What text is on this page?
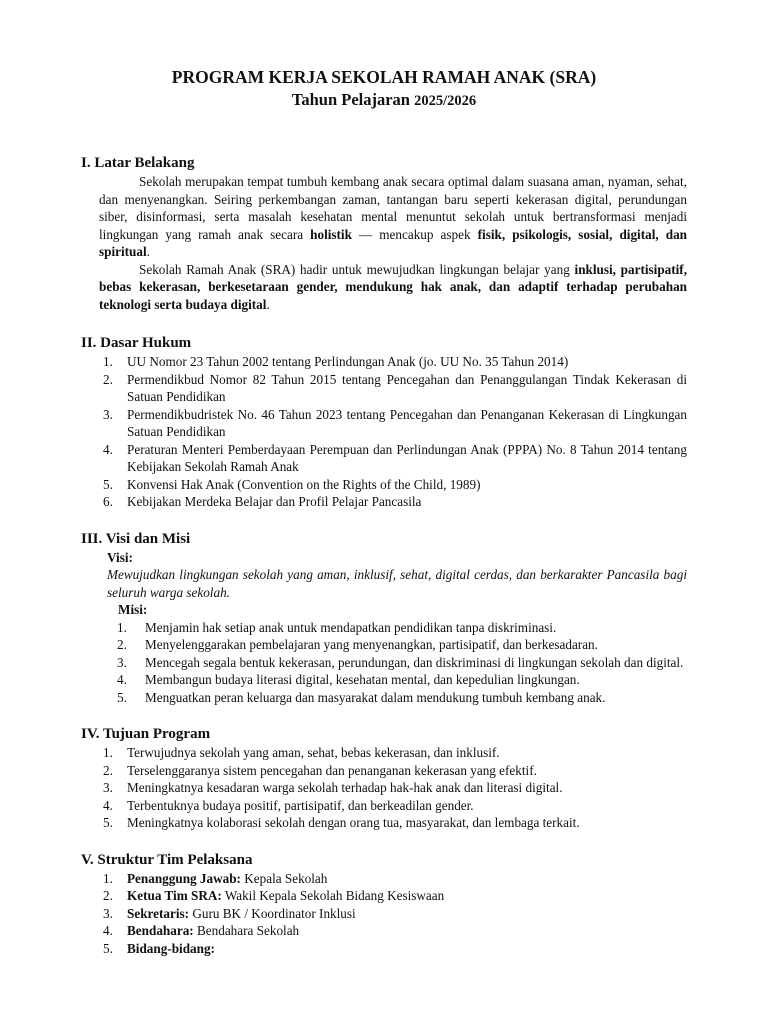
PROGRAM KERJA SEKOLAH RAMAH ANAK (SRA)

Tahun Pelajaran 2025/2026

I. Latar Belakang

Sekolah merupakan tempat tumbuh kembang anak secara optimal dalam suasana aman, nyaman, sehat, dan menyenangkan. Seiring perkembangan zaman, tantangan baru seperti kekerasan digital, perundungan siber, disinformasi, serta masalah kesehatan mental menuntut sekolah untuk bertransformasi menjadi lingkungan yang ramah anak secara holistik — mencakup aspek fisik, psikologis, sosial, digital, dan spiritual.

Sekolah Ramah Anak (SRA) hadir untuk mewujudkan lingkungan belajar yang inklusi, partisipatif, bebas kekerasan, berkesetaraan gender, mendukung hak anak, dan adaptif terhadap perubahan teknologi serta budaya digital.

II. Dasar Hukum
1. UU Nomor 23 Tahun 2002 tentang Perlindungan Anak (jo. UU No. 35 Tahun 2014)
2. Permendikbud Nomor 82 Tahun 2015 tentang Pencegahan dan Penanggulangan Tindak Kekerasan di Satuan Pendidikan
3. Permendikbudristek No. 46 Tahun 2023 tentang Pencegahan dan Penanganan Kekerasan di Lingkungan Satuan Pendidikan
4. Peraturan Menteri Pemberdayaan Perempuan dan Perlindungan Anak (PPPA) No. 8 Tahun 2014 tentang Kebijakan Sekolah Ramah Anak
5. Konvensi Hak Anak (Convention on the Rights of the Child, 1989)
6. Kebijakan Merdeka Belajar dan Profil Pelajar Pancasila
III. Visi dan Misi

Visi:

Mewujudkan lingkungan sekolah yang aman, inklusif, sehat, digital cerdas, dan berkarakter Pancasila bagi seluruh warga sekolah.

Misi:

1. Menjamin hak setiap anak untuk mendapatkan pendidikan tanpa diskriminasi.
2. Menyelenggarakan pembelajaran yang menyenangkan, partisipatif, dan berkesadaran.
3. Mencegah segala bentuk kekerasan, perundungan, dan diskriminasi di lingkungan sekolah dan digital.
4. Membangun budaya literasi digital, kesehatan mental, dan kepedulian lingkungan.
5. Menguatkan peran keluarga dan masyarakat dalam mendukung tumbuh kembang anak.
IV. Tujuan Program
1. Terwujudnya sekolah yang aman, sehat, bebas kekerasan, dan inklusif.
2. Terselenggaranya sistem pencegahan dan penanganan kekerasan yang efektif.
3. Meningkatnya kesadaran warga sekolah terhadap hak-hak anak dan literasi digital.
4. Terbentuknya budaya positif, partisipatif, dan berkeadilan gender.
5. Meningkatnya kolaborasi sekolah dengan orang tua, masyarakat, dan lembaga terkait.
V. Struktur Tim Pelaksana
1. Penanggung Jawab: Kepala Sekolah
2. Ketua Tim SRA: Wakil Kepala Sekolah Bidang Kesiswaan
3. Sekretaris: Guru BK / Koordinator Inklusi
4. Bendahara: Bendahara Sekolah
5. Bidang-bidang:
